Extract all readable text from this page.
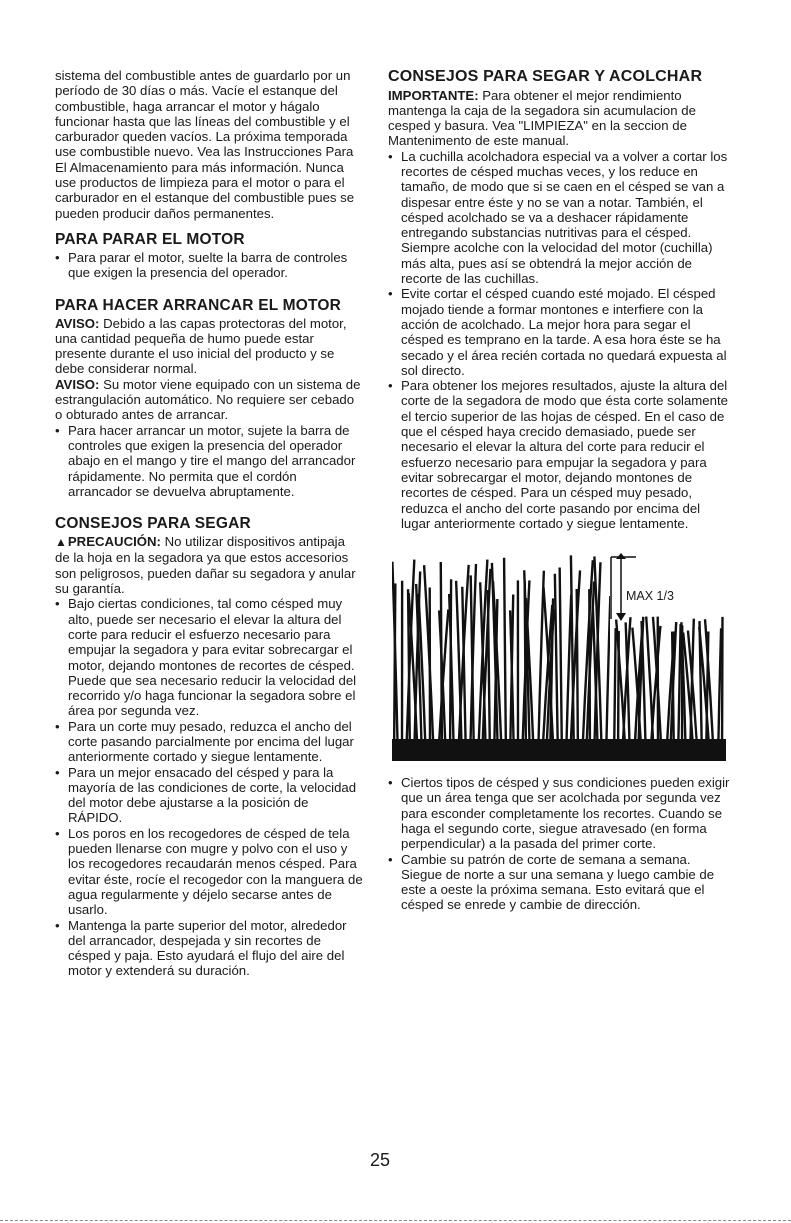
sistema del combustible antes de guardarlo por un período de 30 días o más. Vacíe el estanque del combustible, haga arrancar el motor y hágalo funcionar hasta que las líneas del combustible y el carburador queden vacíos. La próxima temporada use combustible nuevo. Vea las Instrucciones Para El Almacenamiento para más información. Nunca use productos de limpieza para el motor o para el carburador en el estanque del combustible pues se pueden producir daños permanentes.

PARA PARAR EL MOTOR
• Para parar el motor, suelte la barra de controles que exigen la presencia del operador.
PARA HACER ARRANCAR EL MOTOR

AVISO: Debido a las capas protectoras del motor, una cantidad pequeña de humo puede estar presente durante el uso inicial del producto y se debe considerar normal.

AVISO: Su motor viene equipado con un sistema de estrangulación automático. No requiere ser cebado o obturado antes de arrancar.

• Para hacer arrancar un motor, sujete la barra de controles que exigen la presencia del operador abajo en el mango y tire el mango del arrancador rápidamente. No permita que el cordón arrancador se devuelva abruptamente.
CONSEJOS PARA SEGAR

▲PRECAUCIÓN: No utilizar dispositivos antipaja de la hoja en la segadora ya que estos accesorios son peligrosos, pueden dañar su segadora y anular su garantía.

• Bajo ciertas condiciones, tal como césped muy alto, puede ser necesario el elevar la altura del corte para reducir el esfuerzo necesario para empujar la segadora y para evitar sobrecargar el motor, dejando montones de recortes de césped. Puede que sea necesario reducir la velocidad del recorrido y/o haga funcionar la segadora sobre el área por segunda vez.
• Para un corte muy pesado, reduzca el ancho del corte pasando parcialmente por encima del lugar anteriormente cortado y siegue lentamente.
• Para un mejor ensacado del césped y para la mayoría de las condiciones de corte, la velocidad del motor debe ajustarse a la posición de RÁPIDO.
• Los poros en los recogedores de césped de tela pueden llenarse con mugre y polvo con el uso y los recogedores recaudarán menos césped. Para evitar éste, rocíe el recogedor con la manguera de agua regularmente y déjelo secarse antes de usarlo.
• Mantenga la parte superior del motor, alrededor del arrancador, despejada y sin recortes de césped y paja. Esto ayudará el flujo del aire del motor y extenderá su duración.
CONSEJOS PARA SEGAR Y ACOLCHAR

IMPORTANTE: Para obtener el mejor rendimiento mantenga la caja de la segadora sin acumulacion de cesped y basura. Vea "LIMPIEZA" en la seccion de Mantenimento de este manual.

• La cuchilla acolchadora especial va a volver a cortar los recortes de césped muchas veces, y los reduce en tamaño, de modo que si se caen en el césped se van a dispesar entre éste y no se van a notar. También, el césped acolchado se va a deshacer rápidamente entregando substancias nutritivas para el césped. Siempre acolche con la velocidad del motor (cuchilla) más alta, pues así se obtendrá la mejor acción de recorte de las cuchillas.
• Evite cortar el césped cuando esté mojado. El césped mojado tiende a formar montones e interfiere con la acción de acolchado. La mejor hora para segar el césped es temprano en la tarde. A esa hora éste se ha secado y el área recién cortada no quedará expuesta al sol directo.
• Para obtener los mejores resultados, ajuste la altura del corte de la segadora de modo que ésta corte solamente el tercio superior de las hojas de césped. En el caso de que el césped haya crecido demasiado, puede ser necesario el elevar la altura del corte para reducir el esfuerzo necesario para empujar la segadora y para evitar sobrecargar el motor, dejando montones de recortes de césped. Para un césped muy pesado, reduzca el ancho del corte pasando por encima del lugar anteriormente cortado y siegue lentamente.
MAX 1/3
• Ciertos tipos de césped y sus condiciones pueden exigir que un área tenga que ser acolchada por segunda vez para esconder completamente los recortes. Cuando se haga el segundo corte, siegue atravesado (en forma perpendicular) a la pasada del primer corte.
• Cambie su patrón de corte de semana a semana. Siegue de norte a sur una semana y luego cambie de este a oeste la próxima semana. Esto evitará que el césped se enrede y cambie de dirección.
25
